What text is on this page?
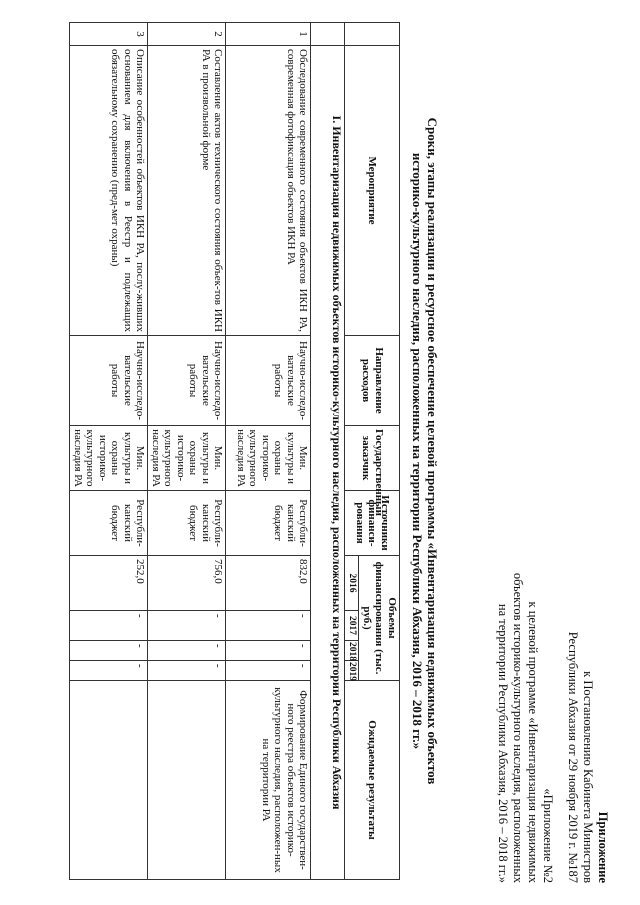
Приложение
к Постановлению Кабинета Министров
Республики Абхазия от 29 ноября 2019 г. №187
«Приложение №2
к целевой программе «Инвентаризация недвижимых
объектов историко-культурного наследия, расположенных
на территории Республики Абхазия, 2016 – 2018 гг.»
Сроки, этапы реализации и ресурсное обеспечение целевой программы «Инвентаризация недвижимых объектов
историко-культурного наследия, расположенных на территории Республики Абхазия, 2016 – 2018 гг.»
	Мероприятие	Направление расходов	Государственный заказчик	Источники финанси-рования	Объемы финансирования (тыс. руб.)				Ожидаемые результаты
					2016	2017	2018	2019	
	I. Инвентаризация недвижимых объектов историко-культурного наследия, расположенных на территории Республики Абхазия								
1	Обследование современного состояния объектов ИКН РА, современная фотофиксация объектов ИКН РА	Научно-исследо-вательские работы	Мин. культуры и охраны историко-культурного наследия РА	Республи-канский бюджет	832,0	-	-	-	Формирование Единого государствен-ного реестра объектов историко-культурного наследия, расположен-ных на территории РА
2	Составление актов технического состояния объек-тов ИКН РА в произвольной форме	Научно-исследо-вательские работы	Мин. культуры и охраны историко-культурного наследия РА	Республи-канский бюджет	756,0	-	-	-	
3	Описание особенностей объектов ИКН РА, послу-живших основанием для включения в Реестр и подлежащих обязательному сохранению (пред-мет охраны)	Научно-исследо-вательские работы	Мин. культуры и охраны историко-культурного наследия РА	Республи-канский бюджет	252,0	-	-	-	
